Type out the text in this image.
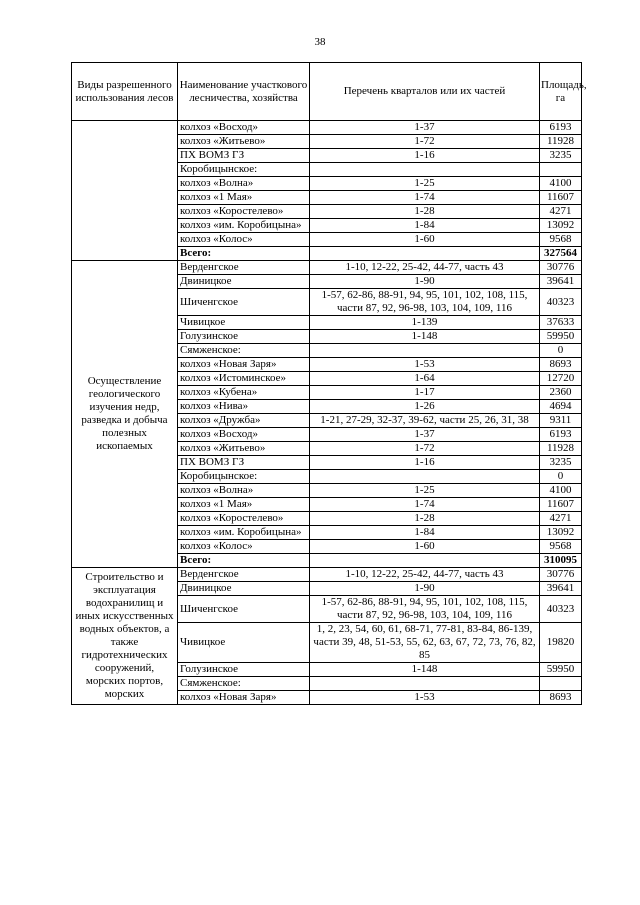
38
Виды разрешенного использования лесов	Наименование участкового лесничества, хозяйства	Перечень кварталов или их частей	Площадь, га
	колхоз «Восход»	1-37	6193
	колхоз «Житьево»	1-72	11928
	ПХ ВОМЗ ГЗ	1-16	3235
	Коробицынское:		
	колхоз «Волна»	1-25	4100
	колхоз «1 Мая»	1-74	11607
	колхоз «Коростелево»	1-28	4271
	колхоз «им. Коробицына»	1-84	13092
	колхоз «Колос»	1-60	9568
	Всего:		327564
Осуществление геологического изучения недр, разведка и добыча полезных ископаемых	Верденгское	1-10, 12-22, 25-42, 44-77, часть 43	30776
	Двиницкое	1-90	39641
	Шиченгское	1-57, 62-86, 88-91, 94, 95, 101, 102, 108, 115, части 87, 92, 96-98, 103, 104, 109, 116	40323
	Чивицкое	1-139	37633
	Голузинское	1-148	59950
	Сямженское:		0
	колхоз «Новая Заря»	1-53	8693
	колхоз «Истоминское»	1-64	12720
	колхоз «Кубена»	1-17	2360
	колхоз «Нива»	1-26	4694
	колхоз «Дружба»	1-21, 27-29, 32-37, 39-62, части 25, 26, 31, 38	9311
	колхоз «Восход»	1-37	6193
	колхоз «Житьево»	1-72	11928
	ПХ ВОМЗ ГЗ	1-16	3235
	Коробицынское:		0
	колхоз «Волна»	1-25	4100
	колхоз «1 Мая»	1-74	11607
	колхоз «Коростелево»	1-28	4271
	колхоз «им. Коробицына»	1-84	13092
	колхоз «Колос»	1-60	9568
	Всего:		310095
Строительство и эксплуатация водохранилищ и иных искусственных водных объектов, а также гидротехнических сооружений, морских портов, морских	Верденгское	1-10, 12-22, 25-42, 44-77, часть 43	30776
	Двиницкое	1-90	39641
	Шиченгское	1-57, 62-86, 88-91, 94, 95, 101, 102, 108, 115, части 87, 92, 96-98, 103, 104, 109, 116	40323
	Чивицкое	1, 2, 23, 54, 60, 61, 68-71, 77-81, 83-84, 86-139, части 39, 48, 51-53, 55, 62, 63, 67, 72, 73, 76, 82, 85	19820
	Голузинское	1-148	59950
	Сямженское:		
	колхоз «Новая Заря»	1-53	8693
